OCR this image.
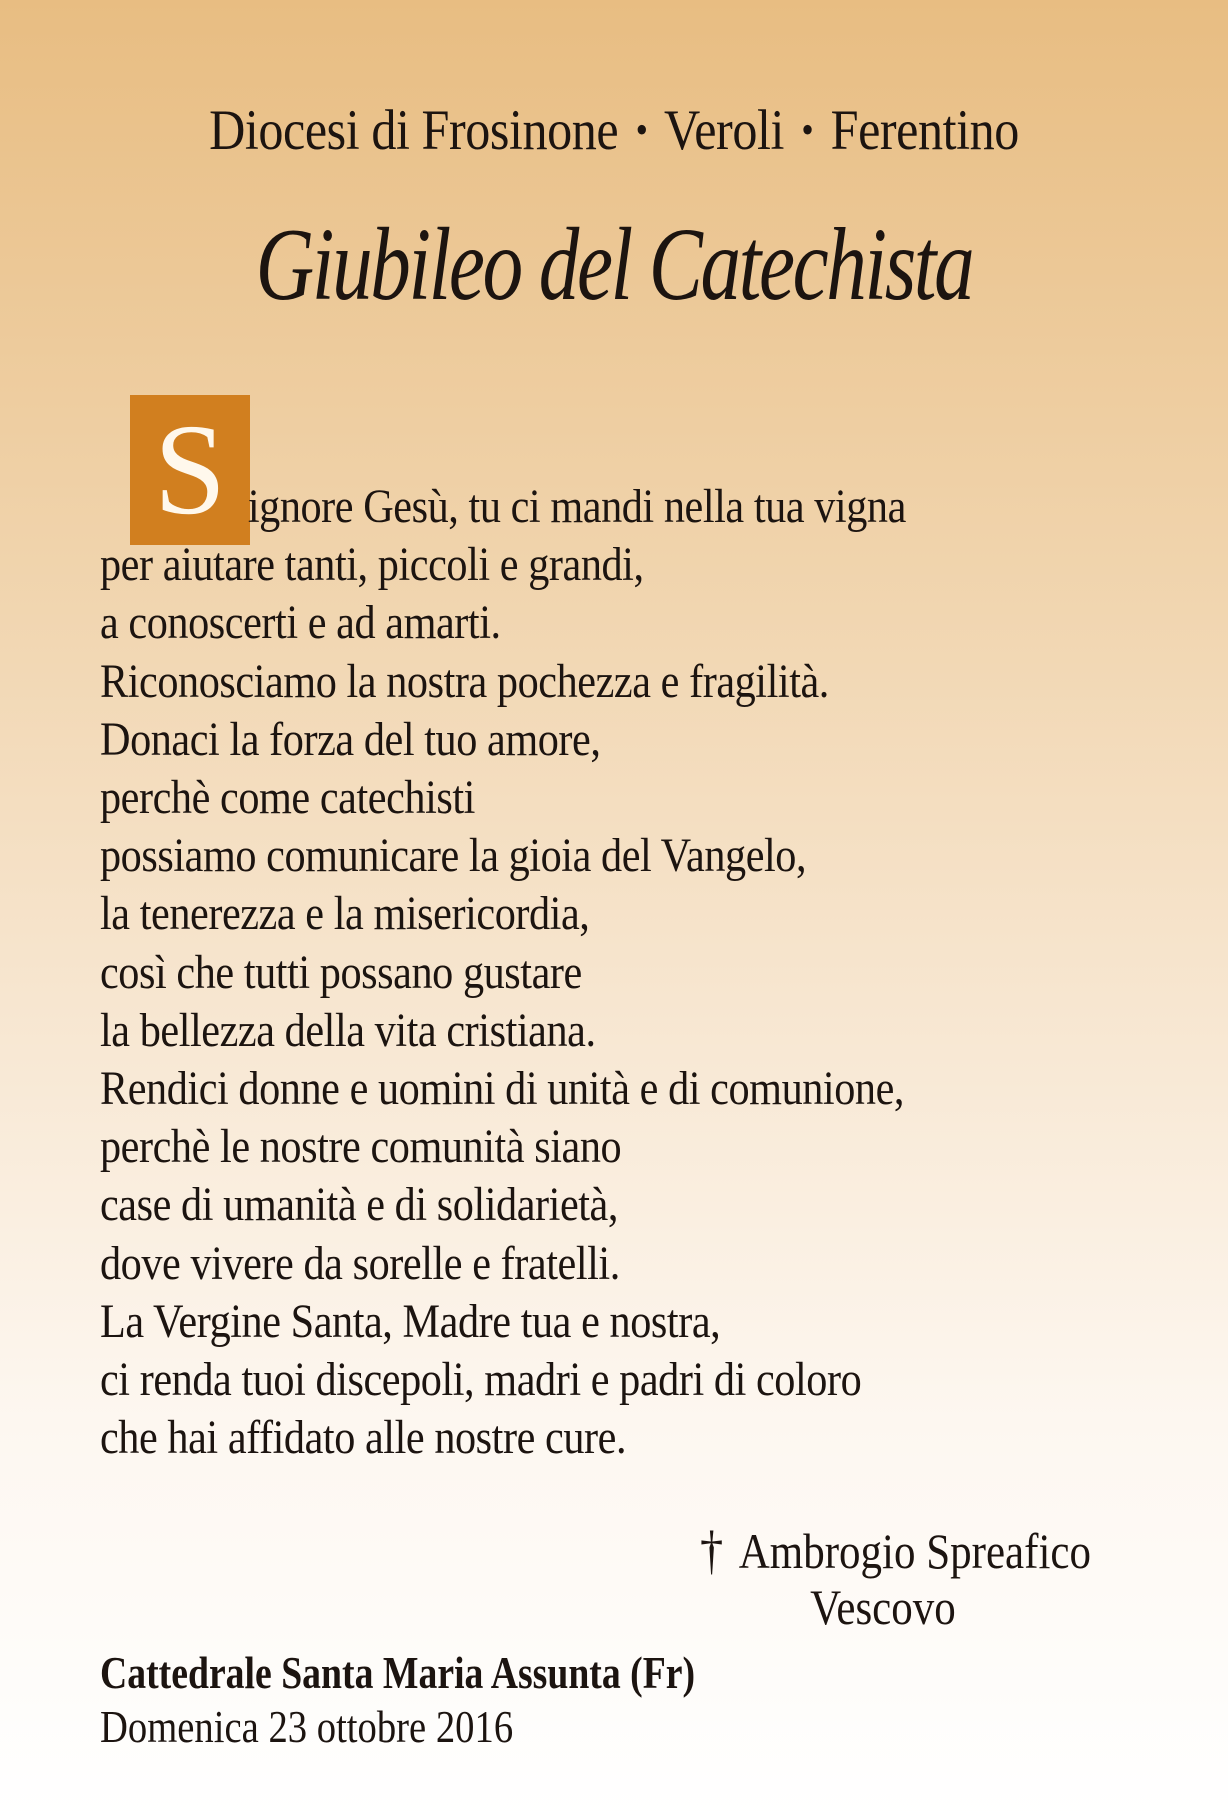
Diocesi di Frosinone • Veroli • Ferentino
Giubileo del Catechista
S ignore Gesù, tu ci mandi nella tua vigna
per aiutare tanti, piccoli e grandi,
a conoscerti e ad amarti.
Riconosciamo la nostra pochezza e fragilità.
Donaci la forza del tuo amore,
perchè come catechisti
possiamo comunicare la gioia del Vangelo,
la tenerezza e la misericordia,
così che tutti possano gustare
la bellezza della vita cristiana.
Rendici donne e uomini di unità e di comunione,
perchè le nostre comunità siano
case di umanità e di solidarietà,
dove vivere da sorelle e fratelli.
La Vergine Santa, Madre tua e nostra,
ci renda tuoi discepoli, madri e padri di coloro
che hai affidato alle nostre cure.
† Ambrogio Spreafico
Vescovo
Cattedrale Santa Maria Assunta (Fr)
Domenica 23 ottobre 2016
